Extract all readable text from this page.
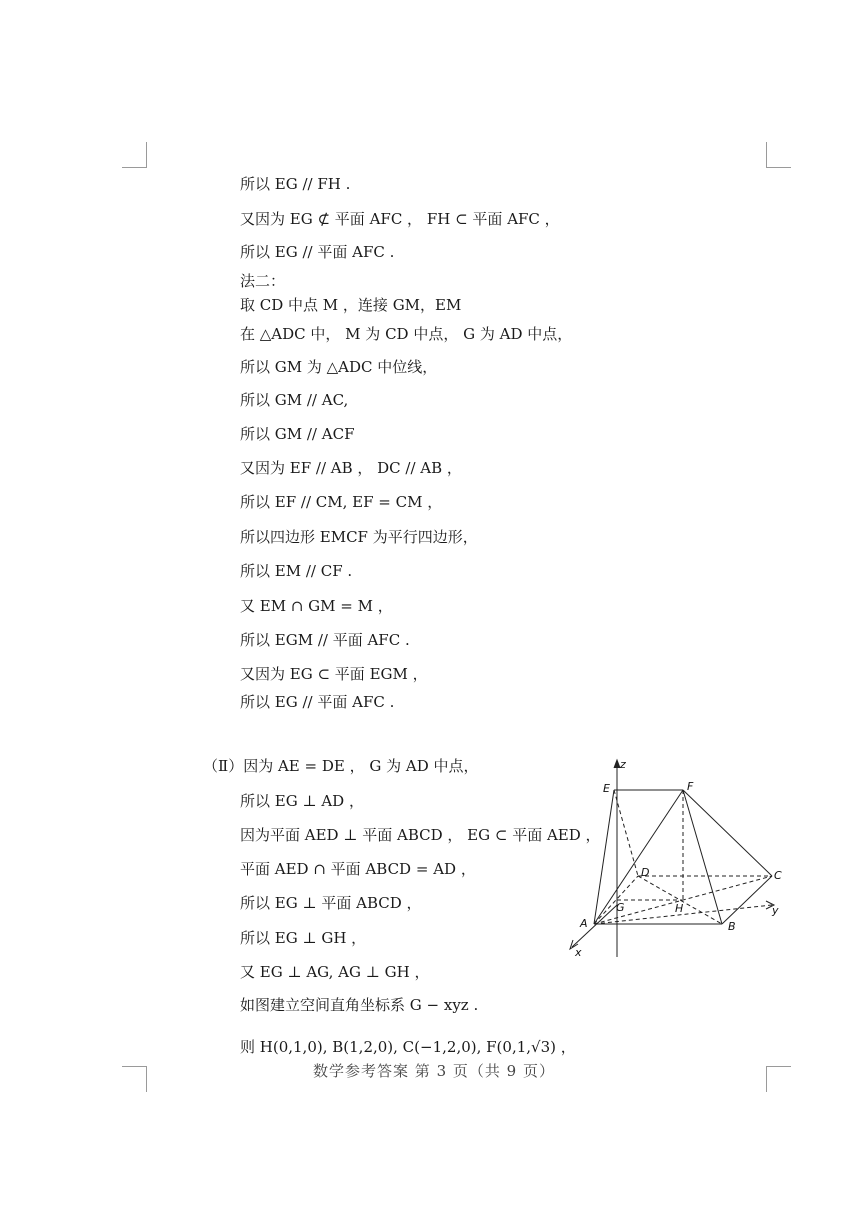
所以 EG // FH .
又因为 EG ⊄ 平面 AFC ， FH ⊂ 平面 AFC ，
所以 EG // 平面 AFC .
法二：
取 CD 中点 M ，连接 GM，EM
在 △ADC 中， M 为 CD 中点， G 为 AD 中点，
所以 GM 为 △ADC 中位线，
所以 GM // AC,
所以 GM // ACF
又因为 EF // AB ， DC // AB ，
所以 EF // CM, EF = CM ，
所以四边形 EMCF 为平行四边形，
所以 EM // CF .
又 EM ∩ GM = M ，
所以 EGM // 平面 AFC .
又因为 EG ⊂ 平面 EGM ，
所以 EG // 平面 AFC .
（Ⅱ）因为 AE = DE ， G 为 AD 中点，
所以 EG ⊥ AD ，
因为平面 AED ⊥ 平面 ABCD ， EG ⊂ 平面 AED ，
平面 AED ∩ 平面 ABCD = AD ，
所以 EG ⊥ 平面 ABCD ，
所以 EG ⊥ GH ，
又 EG ⊥ AG, AG ⊥ GH ，
如图建立空间直角坐标系 G − xyz .
则 H(0,1,0), B(1,2,0), C(−1,2,0), F(0,1,√3) ，
z
E	F
D	C
G	H	y
A	B
x
数学参考答案 第 3 页（共 9 页）
